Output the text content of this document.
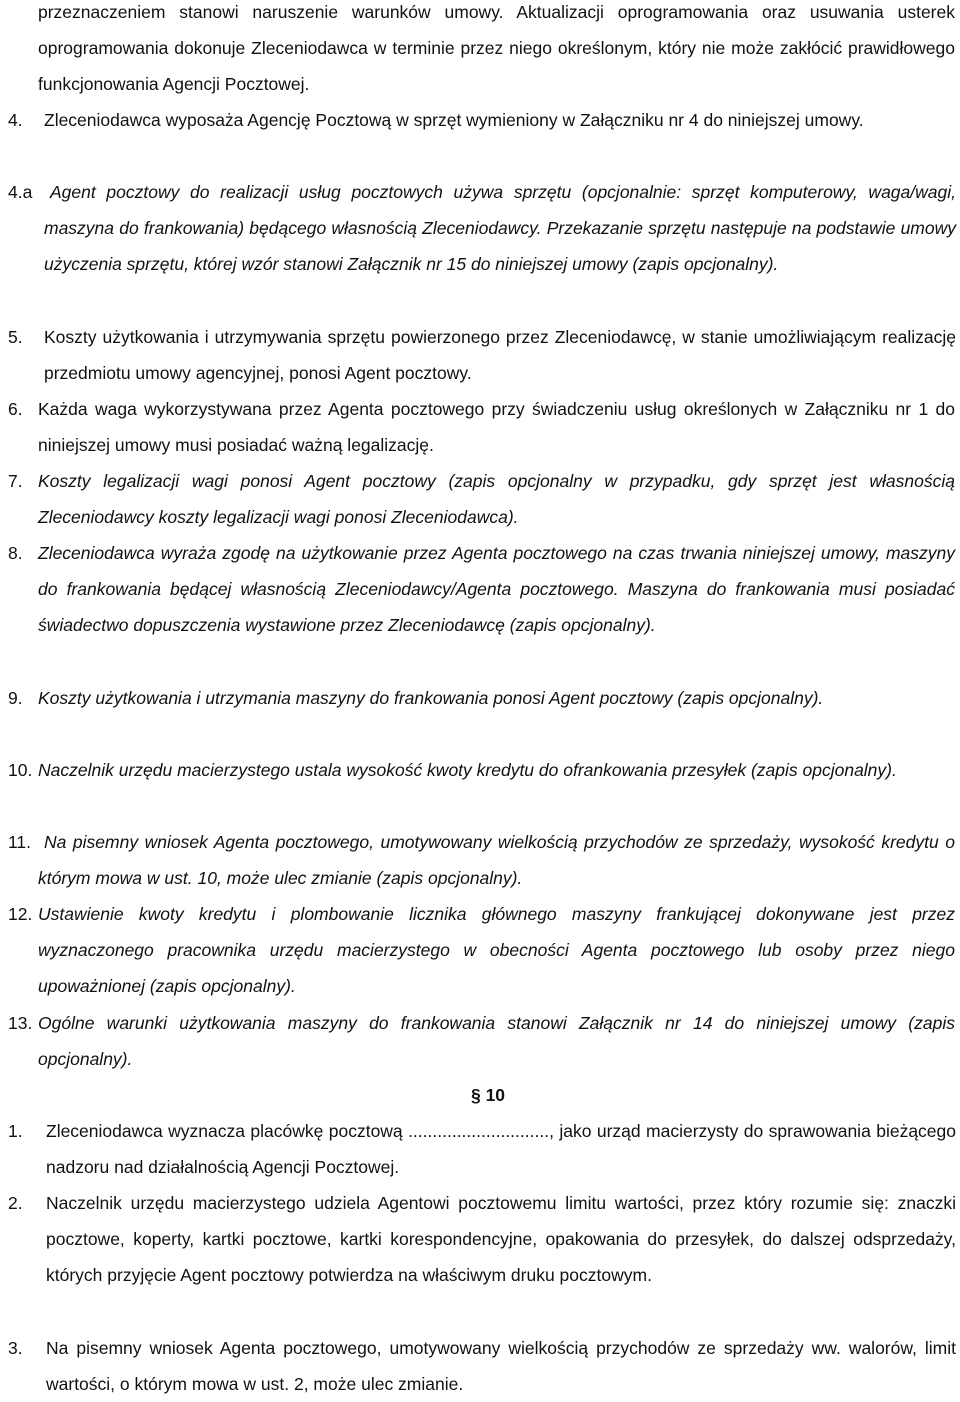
przeznaczeniem stanowi naruszenie warunków umowy. Aktualizacji oprogramowania oraz usuwania usterek oprogramowania dokonuje Zleceniodawca w terminie przez niego określonym, który nie może zakłócić prawidłowego funkcjonowania Agencji Pocztowej.
4. Zleceniodawca wyposaża Agencję Pocztową w sprzęt wymieniony w Załączniku nr 4 do niniejszej umowy.
4.a	Agent pocztowy do realizacji usług pocztowych używa sprzętu (opcjonalnie: sprzęt komputerowy, waga/wagi, maszyna do frankowania) będącego własnością Zleceniodawcy. Przekazanie sprzętu następuje na podstawie umowy użyczenia sprzętu, której wzór stanowi Załącznik nr 15 do niniejszej umowy (zapis opcjonalny).
5. Koszty użytkowania i utrzymywania sprzętu powierzonego przez Zleceniodawcę, w stanie umożliwiającym realizację przedmiotu umowy agencyjnej, ponosi Agent pocztowy.
6. Każda waga wykorzystywana przez Agenta pocztowego przy świadczeniu usług określonych w Załączniku nr 1 do niniejszej umowy musi posiadać ważną legalizację.
7. Koszty legalizacji wagi ponosi Agent pocztowy (zapis opcjonalny w przypadku, gdy sprzęt jest własnością Zleceniodawcy koszty legalizacji wagi ponosi Zleceniodawca).
8. Zleceniodawca wyraża zgodę na użytkowanie przez Agenta pocztowego na czas trwania niniejszej umowy, maszyny do frankowania będącej własnością Zleceniodawcy/Agenta pocztowego. Maszyna do frankowania musi posiadać świadectwo dopuszczenia wystawione przez Zleceniodawcę (zapis opcjonalny).
9. Koszty użytkowania i utrzymania maszyny do frankowania ponosi Agent pocztowy (zapis opcjonalny).
10. Naczelnik urzędu macierzystego ustala wysokość kwoty kredytu do ofrankowania przesyłek (zapis opcjonalny).
11. Na pisemny wniosek Agenta pocztowego, umotywowany wielkością przychodów ze sprzedaży, wysokość kredytu o którym mowa w ust. 10, może ulec zmianie (zapis opcjonalny).
12. Ustawienie kwoty kredytu i plombowanie licznika głównego maszyny frankującej dokonywane jest przez wyznaczonego pracownika urzędu macierzystego w obecności Agenta pocztowego lub osoby przez niego upoważnionej (zapis opcjonalny).
13. Ogólne warunki użytkowania maszyny do frankowania stanowi Załącznik nr 14 do niniejszej umowy (zapis opcjonalny).
§ 10
1. Zleceniodawca wyznacza placówkę pocztową ............................., jako urząd macierzysty do sprawowania bieżącego nadzoru nad działalnością Agencji Pocztowej.
2. Naczelnik urzędu macierzystego udziela Agentowi pocztowemu limitu wartości, przez który rozumie się: znaczki pocztowe, koperty, kartki pocztowe, kartki korespondencyjne, opakowania do przesyłek, do dalszej odsprzedaży, których przyjęcie Agent pocztowy potwierdza na właściwym druku pocztowym.
3. Na pisemny wniosek Agenta pocztowego, umotywowany wielkością przychodów ze sprzedaży ww. walorów, limit wartości, o którym mowa w ust. 2, może ulec zmianie.
